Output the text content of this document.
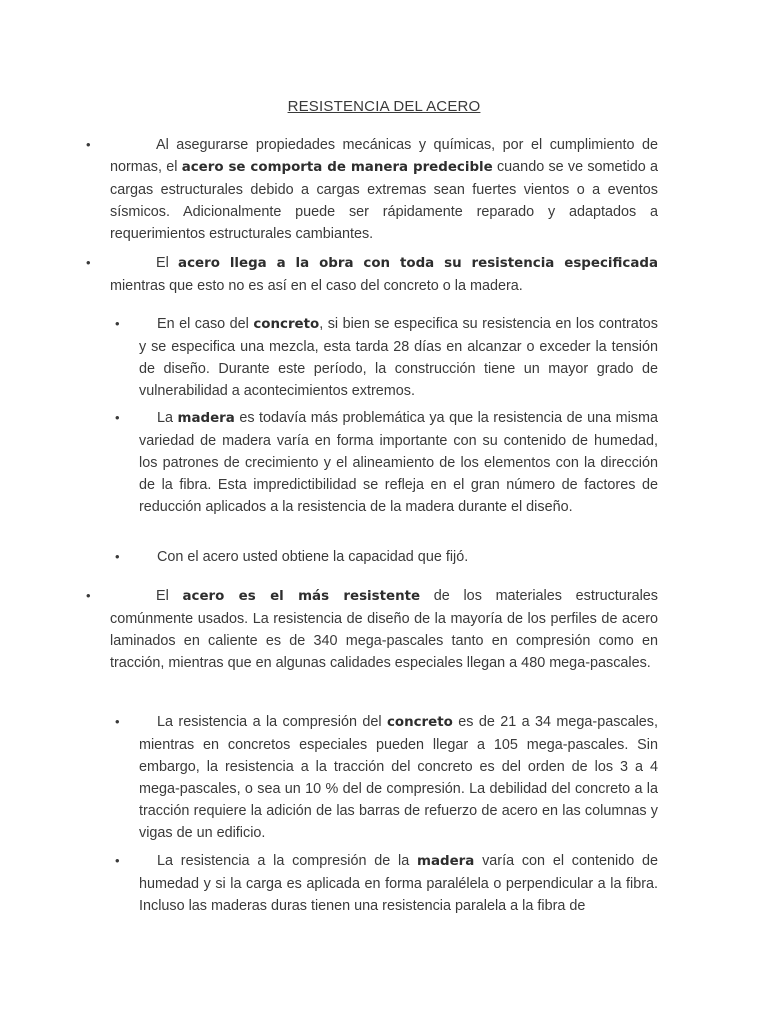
RESISTENCIA DEL ACERO
•	Al asegurarse propiedades mecánicas y químicas, por el cumplimiento de normas, el acero se comporta de manera predecible cuando se ve sometido a cargas estructurales debido a cargas extremas sean fuertes vientos o a eventos sísmicos. Adicionalmente puede ser rápidamente reparado y adaptados a requerimientos estructurales cambiantes.
•	El acero llega a la obra con toda su resistencia especificada mientras que esto no es así en el caso del concreto o la madera.
•	En el caso del concreto, si bien se especifica su resistencia en los contratos y se especifica una mezcla, esta tarda 28 días en alcanzar o exceder la tensión de diseño. Durante este período, la construcción tiene un mayor grado de vulnerabilidad a acontecimientos extremos.
•	La madera es todavía más problemática ya que la resistencia de una misma variedad de madera varía en forma importante con su contenido de humedad, los patrones de crecimiento y el alineamiento de los elementos con la dirección de la fibra. Esta impredictibilidad se refleja en el gran número de factores de reducción aplicados a la resistencia de la madera durante el diseño.
•	Con el acero usted obtiene la capacidad que fijó.
•	El acero es el más resistente de los materiales estructurales comúnmente usados. La resistencia de diseño de la mayoría de los perfiles de acero laminados en caliente es de 340 mega-pascales tanto en compresión como en tracción, mientras que en algunas calidades especiales llegan a 480 mega-pascales.
•	La resistencia a la compresión del concreto es de 21 a 34 mega-pascales, mientras en concretos especiales pueden llegar a 105 mega-pascales. Sin embargo, la resistencia a la tracción del concreto es del orden de los 3 a 4 mega-pascales, o sea un 10 % del de compresión. La debilidad del concreto a la tracción requiere la adición de las barras de refuerzo de acero en las columnas y vigas de un edificio.
•	La resistencia a la compresión de la madera varía con el contenido de humedad y si la carga es aplicada en forma paralélela o perpendicular a la fibra. Incluso las maderas duras tienen una resistencia paralela a la fibra de
